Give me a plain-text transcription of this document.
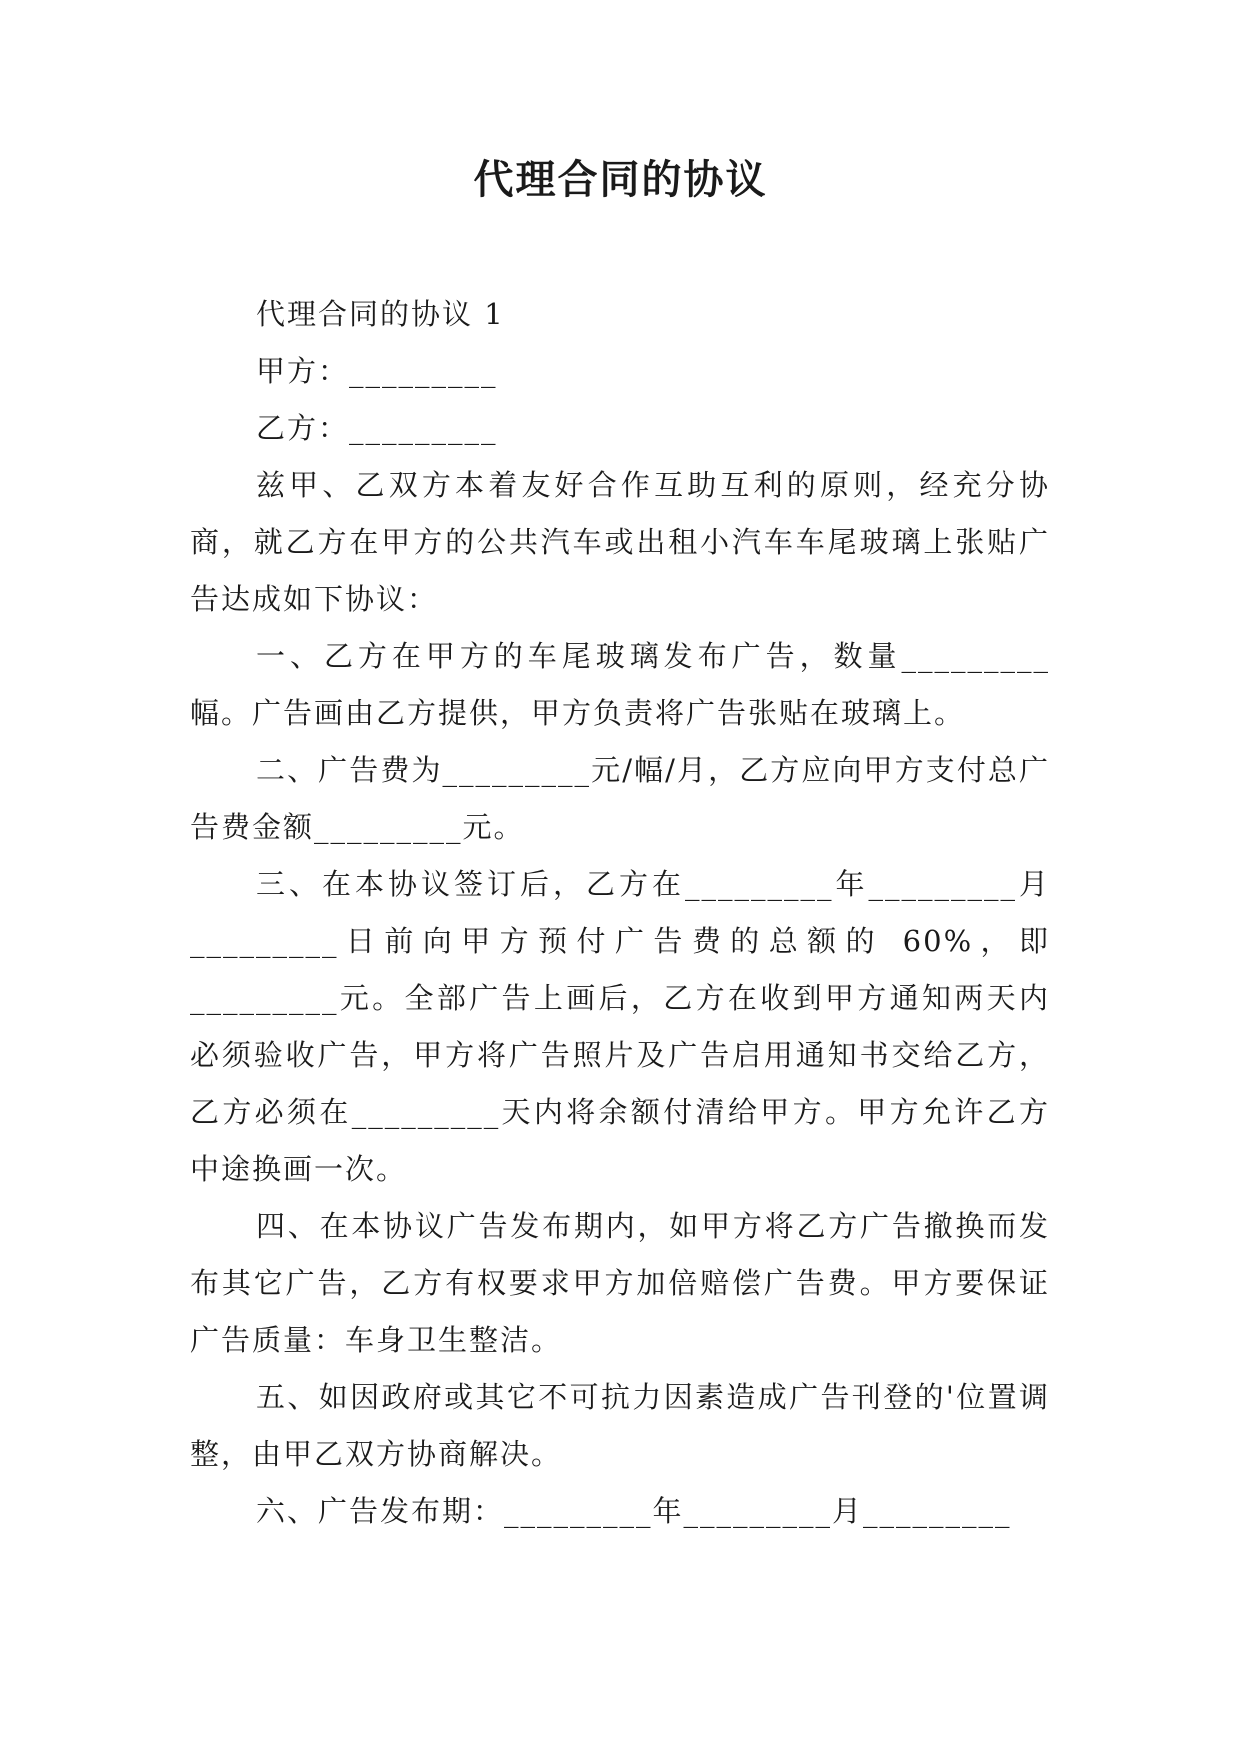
代理合同的协议

代理合同的协议 1

甲方：_________

乙方：_________

兹甲、乙双方本着友好合作互助互利的原则，经充分协商，就乙方在甲方的公共汽车或出租小汽车车尾玻璃上张贴广告达成如下协议：

一、乙方在甲方的车尾玻璃发布广告，数量_________幅。广告画由乙方提供，甲方负责将广告张贴在玻璃上。

二、广告费为_________元/幅/月，乙方应向甲方支付总广告费金额_________元。

三、在本协议签订后，乙方在_________年_________月_________日前向甲方预付广告费的总额的 60%，即_________元。全部广告上画后，乙方在收到甲方通知两天内必须验收广告，甲方将广告照片及广告启用通知书交给乙方，乙方必须在_________天内将余额付清给甲方。甲方允许乙方中途换画一次。

四、在本协议广告发布期内，如甲方将乙方广告撤换而发布其它广告，乙方有权要求甲方加倍赔偿广告费。甲方要保证广告质量：车身卫生整洁。

五、如因政府或其它不可抗力因素造成广告刊登的'位置调整，由甲乙双方协商解决。

六、广告发布期：_________年_________月_________
